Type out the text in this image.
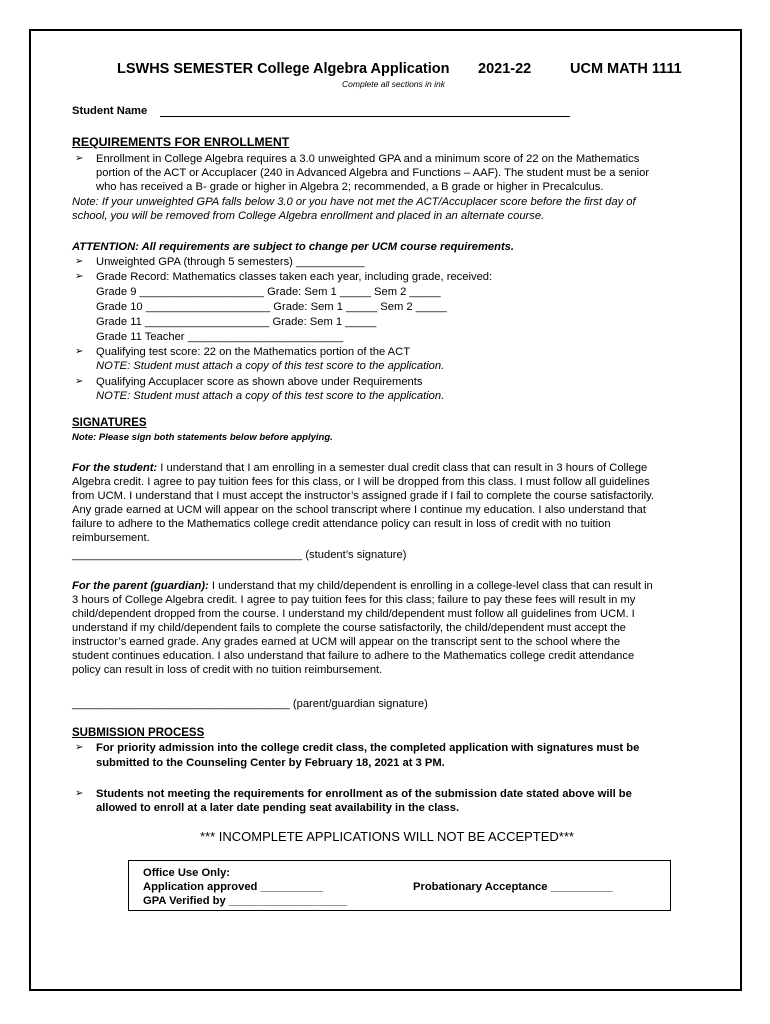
LSWHS SEMESTER College Algebra Application 2021-22	UCM MATH 1111
Complete all sections in ink
Student Name
REQUIREMENTS FOR ENROLLMENT
➢ Enrollment in College Algebra requires a 3.0 unweighted GPA and a minimum score of 22 on the Mathematics
portion of the ACT or Accuplacer (240 in Advanced Algebra and Functions – AAF). The student must be a senior
who has received a B- grade or higher in Algebra 2; recommended, a B grade or higher in Precalculus.
Note: If your unweighted GPA falls below 3.0 or you have not met the ACT/Accuplacer score before the first day of
school, you will be removed from College Algebra enrollment and placed in an alternate course.
ATTENTION: All requirements are subject to change per UCM course requirements.
➢ Unweighted GPA (through 5 semesters) ___________
➢ Grade Record: Mathematics classes taken each year, including grade, received:
Grade 9 ____________________ Grade: Sem 1 _____ Sem 2 _____
Grade 10 ____________________ Grade: Sem 1 _____ Sem 2 _____
Grade 11 ____________________ Grade: Sem 1 _____
Grade 11 Teacher _________________________
➢ Qualifying test score: 22 on the Mathematics portion of the ACT
NOTE: Student must attach a copy of this test score to the application.
➢ Qualifying Accuplacer score as shown above under Requirements
NOTE: Student must attach a copy of this test score to the application.
SIGNATURES
Note: Please sign both statements below before applying.
For the student: I understand that I am enrolling in a semester dual credit class that can result in 3 hours of College
Algebra credit. I agree to pay tuition fees for this class, or I will be dropped from this class. I must follow all guidelines
from UCM. I understand that I must accept the instructor’s assigned grade if I fail to complete the course satisfactorily.
Any grade earned at UCM will appear on the school transcript where I continue my education. I also understand that
failure to adhere to the Mathematics college credit attendance policy can result in loss of credit with no tuition
reimbursement.
_____________________________________ (student’s signature)
For the parent (guardian): I understand that my child/dependent is enrolling in a college-level class that can result in
3 hours of College Algebra credit. I agree to pay tuition fees for this class; failure to pay these fees will result in my
child/dependent dropped from the course. I understand my child/dependent must follow all guidelines from UCM. I
understand if my child/dependent fails to complete the course satisfactorily, the child/dependent must accept the
instructor’s earned grade. Any grades earned at UCM will appear on the transcript sent to the school where the
student continues education. I also understand that failure to adhere to the Mathematics college credit attendance
policy can result in loss of credit with no tuition reimbursement.
___________________________________ (parent/guardian signature)
SUBMISSION PROCESS
➢ For priority admission into the college credit class, the completed application with signatures must be
submitted to the Counseling Center by February 18, 2021 at 3 PM.
➢ Students not meeting the requirements for enrollment as of the submission date stated above will be
allowed to enroll at a later date pending seat availability in the class.
*** INCOMPLETE APPLICATIONS WILL NOT BE ACCEPTED***
Office Use Only:
Application approved __________	Probationary Acceptance __________
GPA Verified by ___________________
